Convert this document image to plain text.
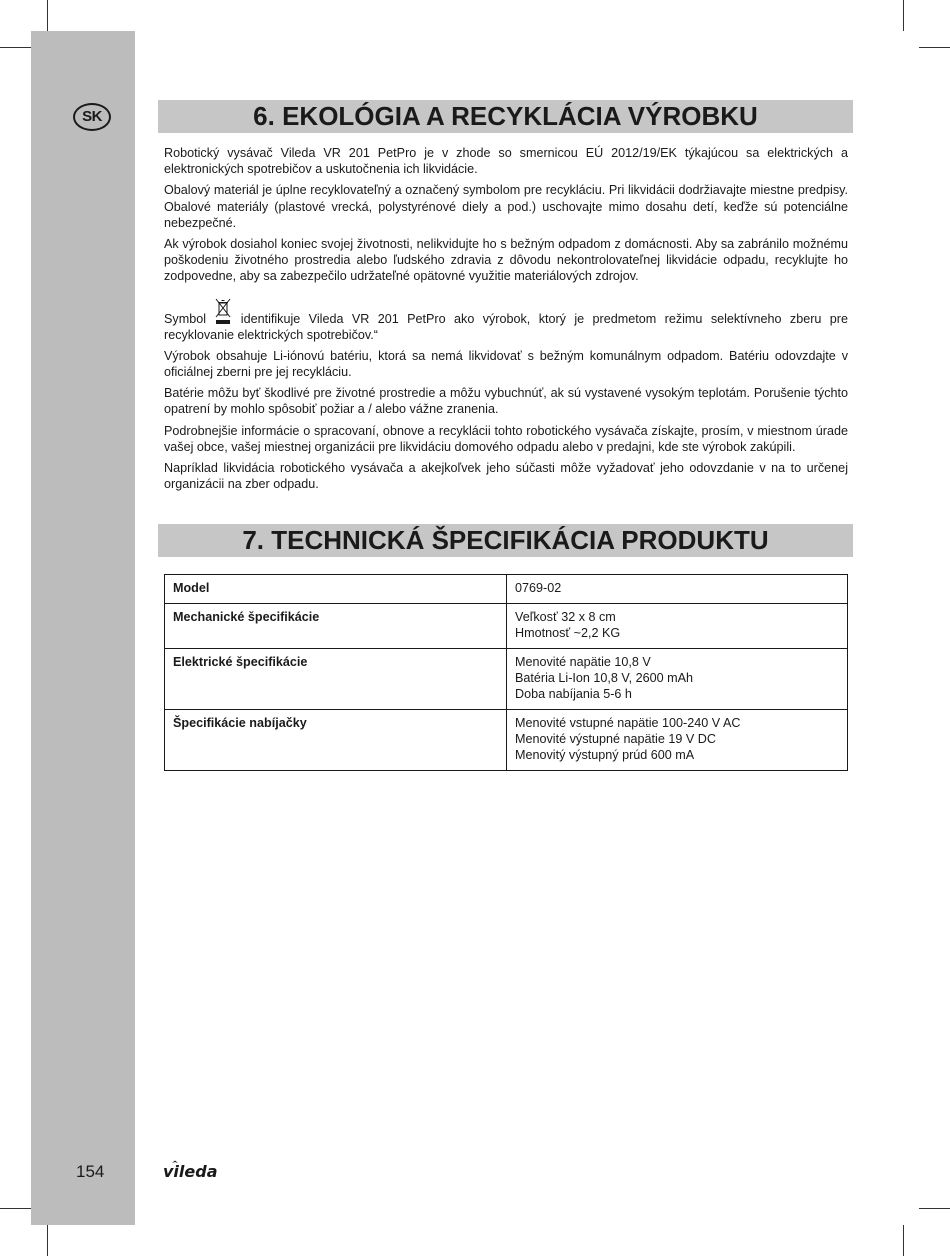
SK	6. EKOLÓGIA A RECYKLÁCIA VÝROBKU

Robotický vysávač Vileda VR 201 PetPro je v zhode so smernicou EÚ 2012/19/EK týkajúcou sa elektrických a elektronických spotrebičov a uskutočnenia ich likvidácie.

Obalový materiál je úplne recyklovateľný a označený symbolom pre recykláciu. Pri likvidácii dodržiavajte miestne predpisy. Obalové materiály (plastové vrecká, polystyrénové diely a pod.) uschovajte mimo dosahu detí, keďže sú potenciálne nebezpečné.

Ak výrobok dosiahol koniec svojej životnosti, nelikvidujte ho s bežným odpadom z domácnosti. Aby sa zabránilo možnému poškodeniu životného prostredia alebo ľudského zdravia z dôvodu nekontrolovateľnej likvidácie odpadu, recyklujte ho zodpovedne, aby sa zabezpečilo udržateľné opätovné využitie materiálových zdrojov.

Symbol	identifikuje Vileda VR 201 PetPro ako výrobok, ktorý je predmetom režimu selektívneho zberu pre recyklovanie elektrických spotrebičov.“

Výrobok obsahuje Li-iónovú batériu, ktorá sa nemá likvidovať s bežným komunálnym odpadom. Batériu odovzdajte v oficiálnej zberni pre jej recykláciu.

Batérie môžu byť škodlivé pre životné prostredie a môžu vybuchnúť, ak sú vystavené vysokým teplotám. Porušenie týchto opatrení by mohlo spôsobiť požiar a / alebo vážne zranenia.

Podrobnejšie informácie o spracovaní, obnove a recyklácii tohto robotického vysávača získajte, prosím, v miestnom úrade vašej obce, vašej miestnej organizácii pre likvidáciu domového odpadu alebo v predajni, kde ste výrobok zakúpili.

Napríklad likvidácia robotického vysávača a akejkoľvek jeho súčasti môže vyžadovať jeho odovzdanie v na to určenej organizácii na zber odpadu.

7. TECHNICKÁ ŠPECIFIKÁCIA PRODUKTU
Model	0769-02

Mechanické špecifikácie	Veľkosť 32 x 8 cm
Hmotnosť ~2,2 KG

Elektrické špecifikácie	Menovité napätie 10,8 V
Batéria Li-Ion 10,8 V, 2600 mAh
Doba nabíjania 5-6 h

Špecifikácie nabíjačky	Menovité vstupné napätie 100-240 V AC
Menovité výstupné napätie 19 V DC
Menovitý výstupný prúd 600 mA
154	vileda
